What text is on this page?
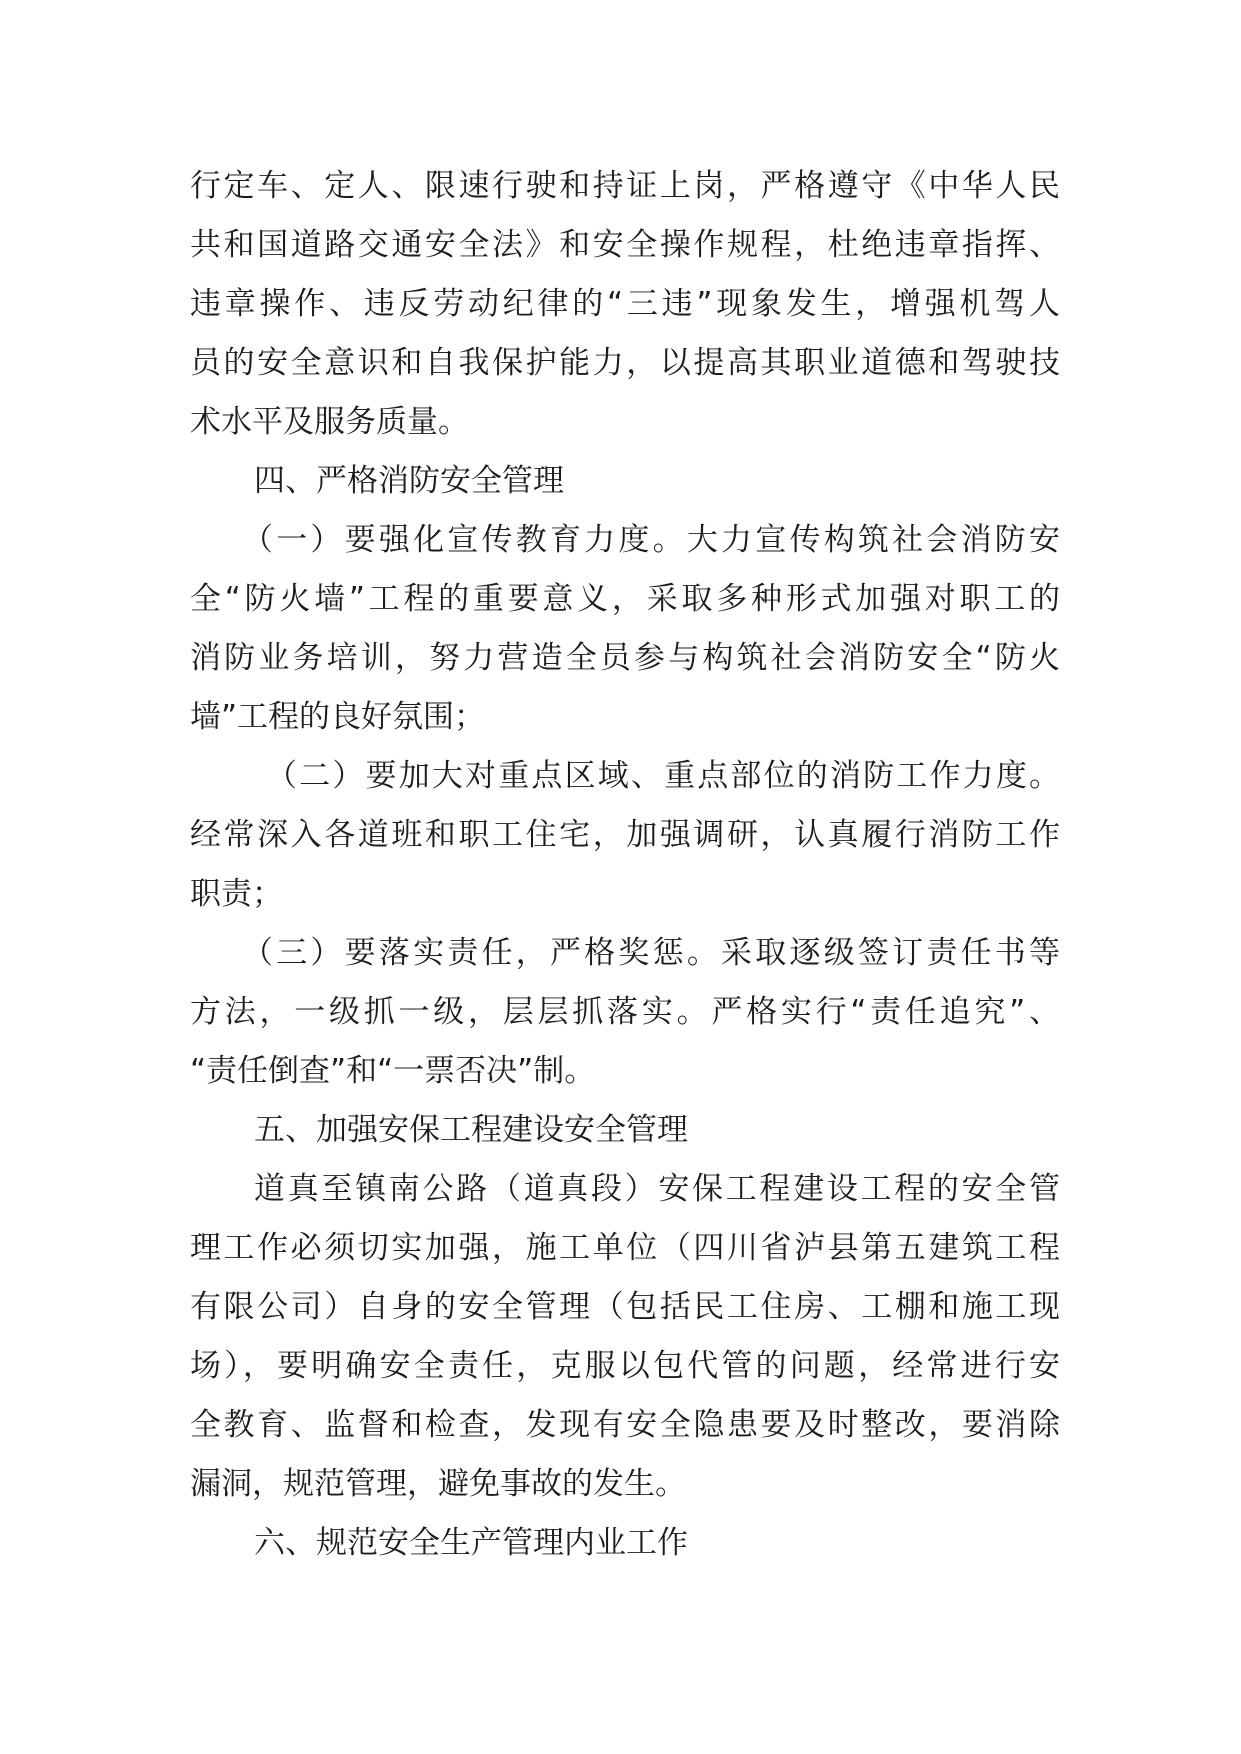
行定车、定人、限速行驶和持证上岗，严格遵守《中华人民
共和国道路交通安全法》和安全操作规程，杜绝违章指挥、
违章操作、违反劳动纪律的“三违”现象发生，增强机驾人
员的安全意识和自我保护能力，以提高其职业道德和驾驶技
术水平及服务质量。
四、严格消防安全管理
（一）要强化宣传教育力度。大力宣传构筑社会消防安
全“防火墙”工程的重要意义，采取多种形式加强对职工的
消防业务培训，努力营造全员参与构筑社会消防安全“防火
墙”工程的良好氛围；
（二）要加大对重点区域、重点部位的消防工作力度。
经常深入各道班和职工住宅，加强调研，认真履行消防工作
职责；
（三）要落实责任，严格奖惩。采取逐级签订责任书等
方法，一级抓一级，层层抓落实。严格实行“责任追究”、
“责任倒查”和“一票否决”制。
五、加强安保工程建设安全管理
道真至镇南公路（道真段）安保工程建设工程的安全管
理工作必须切实加强，施工单位（四川省泸县第五建筑工程
有限公司）自身的安全管理（包括民工住房、工棚和施工现
场），要明确安全责任，克服以包代管的问题，经常进行安
全教育、监督和检查，发现有安全隐患要及时整改，要消除
漏洞，规范管理，避免事故的发生。
六、规范安全生产管理内业工作
